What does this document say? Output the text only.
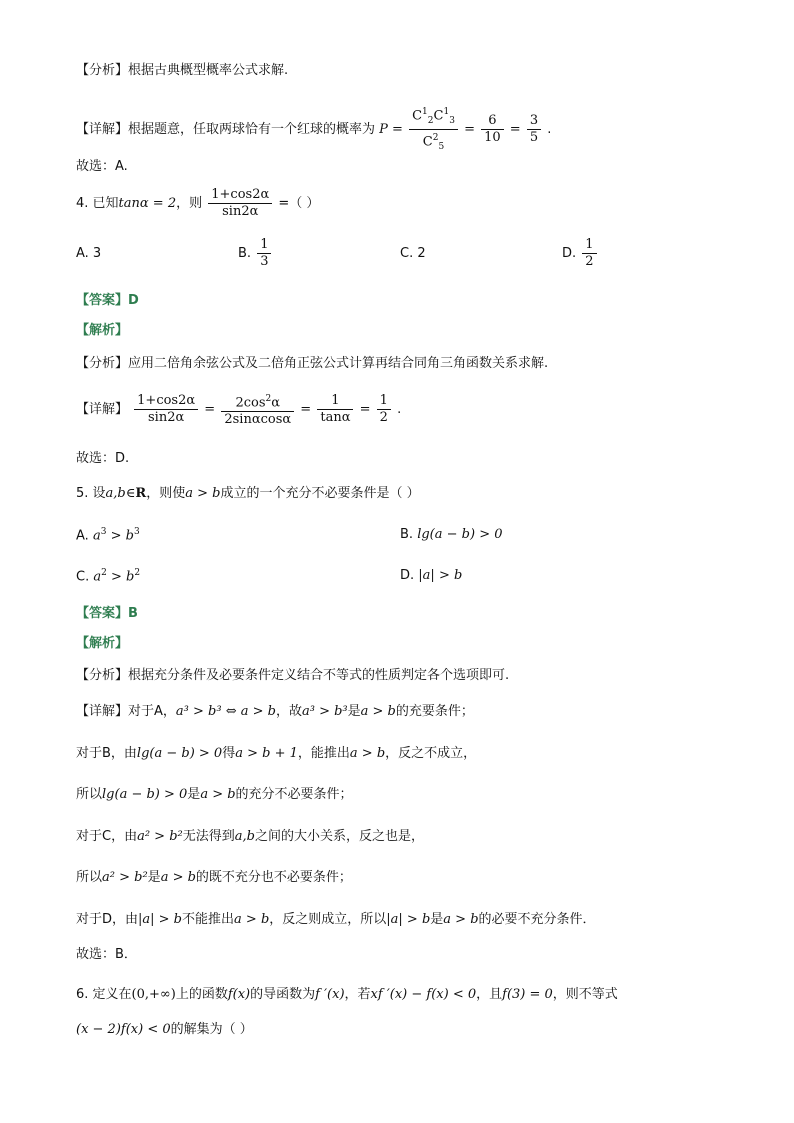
【分析】根据古典概型概率公式求解.
【详解】根据题意，任取两球恰有一个红球的概率为 $P = \frac{C^1_2C^1_3}{C^2_5} = \frac{6}{10} = \frac{3}{5}$ .
故选：A.
4. 已知tanα = 2，则 $\frac{1+\cos 2\alpha}{\sin 2\alpha}$ =（ ）
A. 3	B. $\frac{1}{3}$	C. 2	D. $\frac{1}{2}$
【答案】D
【解析】
【分析】应用二倍角余弦公式及二倍角正弦公式计算再结合同角三角函数关系求解.
【详解】 $\frac{1+\cos 2\alpha}{\sin 2\alpha} = \frac{2\cos^2\alpha}{2\sin\alpha\cos\alpha} = \frac{1}{\tan\alpha} = \frac{1}{2}$ .
故选：D.
5. 设a,b∈R，则使a > b成立的一个充分不必要条件是（ ）
A. $a^3 > b^3$	B. lg(a − b) > 0
C. $a^2 > b^2$	D. |a| > b
【答案】B
【解析】
【分析】根据充分条件及必要条件定义结合不等式的性质判定各个选项即可.
【详解】对于A，a³ > b³ ⇔ a > b，故a³ > b³是a > b的充要条件；
对于B，由lg(a − b) > 0得a > b + 1，能推出a > b，反之不成立，
所以lg(a − b) > 0是a > b的充分不必要条件；
对于C，由a² > b²无法得到a,b之间的大小关系，反之也是，
所以a² > b²是a > b的既不充分也不必要条件；
对于D，由|a| > b不能推出a > b，反之则成立，所以|a| > b是a > b的必要不充分条件．
故选：B．
6. 定义在(0,+∞)上的函数f(x)的导函数为f ′(x)，若xf ′(x) − f(x) < 0，且f(3) = 0，则不等式
(x − 2)f(x) < 0的解集为（ ）
